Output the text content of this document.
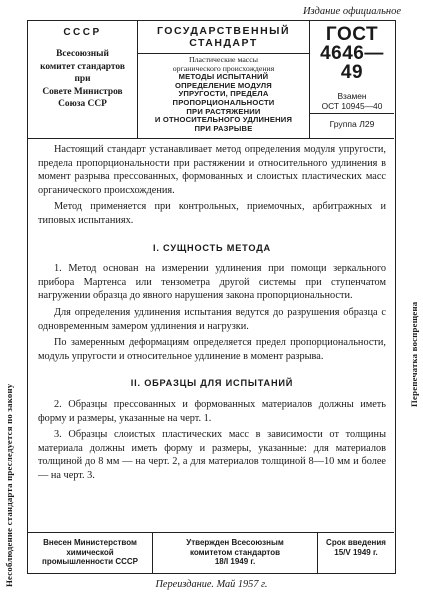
Издание официальное
Несоблюдение стандарта преследуется по закону
Перепечатка воспрещена
СССР
Всесоюзный
комитет стандартов
при
Совете Министров
Союза ССР
ГОСУДАРСТВЕННЫЙ
СТАНДАРТ
Пластические массы
органического происхождения
МЕТОДЫ ИСПЫТАНИЙ
ОПРЕДЕЛЕНИЕ МОДУЛЯ
УПРУГОСТИ, ПРЕДЕЛА
ПРОПОРЦИОНАЛЬНОСТИ
ПРИ РАСТЯЖЕНИИ
И ОТНОСИТЕЛЬНОГО УДЛИНЕНИЯ
ПРИ РАЗРЫВЕ
ГОСТ
4646—49
Взамен
ОСТ 10945—40
Группа Л29

Настоящий стандарт устанавливает метод определения модуля упругости, предела пропорциональности при растяжении и относительного удлинения в момент разрыва прессованных, формованных и слоистых пластических масс органического происхождения.

Метод применяется при контрольных, приемочных, арбитражных и типовых испытаниях.

I. СУЩНОСТЬ МЕТОДА

1. Метод основан на измерении удлинения при помощи зеркального прибора Мартенса или тензометра другой системы при ступенчатом нагружении образца до явного нарушения закона пропорциональности.

Для определения удлинения испытания ведутся до разрушения образца с одновременным замером удлинения и нагрузки.

По замеренным деформациям определяется предел пропорциональности, модуль упругости и относительное удлинение в момент разрыва.

II. ОБРАЗЦЫ ДЛЯ ИСПЫТАНИЙ

2. Образцы прессованных и формованных материалов должны иметь форму и размеры, указанные на черт. 1.

3. Образцы слоистых пластических масс в зависимости от толщины материала должны иметь форму и размеры, указанные: для материалов толщиной до 8 мм — на черт. 2, а для материалов толщиной 8—10 мм и более — на черт. 3.

Внесен Министерством
химической
промышленности СССР
Утвержден Всесоюзным
комитетом стандартов
18/I 1949 г.
Срок введения
15/V 1949 г.
Переиздание. Май 1957 г.
